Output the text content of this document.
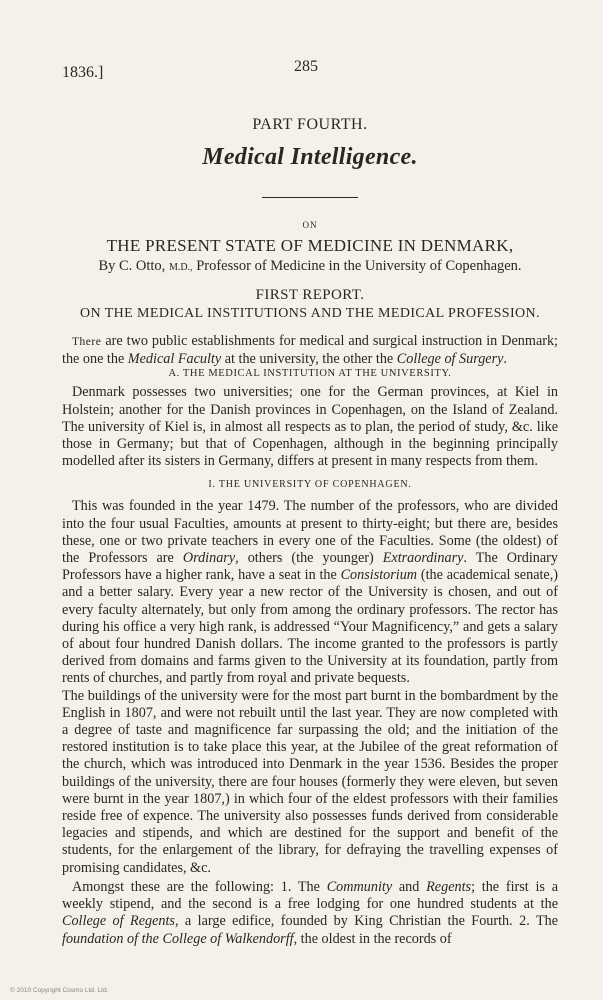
1836.]	285
PART FOURTH.
Medical Intelligence.
ON
THE PRESENT STATE OF MEDICINE IN DENMARK,
By C. Otto, M.D., Professor of Medicine in the University of Copenhagen.
FIRST REPORT.
ON THE MEDICAL INSTITUTIONS AND THE MEDICAL PROFESSION.

There are two public establishments for medical and surgical instruction in Denmark; the one the Medical Faculty at the university, the other the College of Surgery.

A. THE MEDICAL INSTITUTION AT THE UNIVERSITY.

Denmark possesses two universities; one for the German provinces, at Kiel in Holstein; another for the Danish provinces in Copenhagen, on the Island of Zealand. The university of Kiel is, in almost all respects as to plan, the period of study, &c. like those in Germany; but that of Copenhagen, although in the beginning principally modelled after its sisters in Germany, differs at present in many respects from them.

I. THE UNIVERSITY OF COPENHAGEN.

This was founded in the year 1479. The number of the professors, who are divided into the four usual Faculties, amounts at present to thirty-eight; but there are, besides these, one or two private teachers in every one of the Faculties. Some (the oldest) of the Professors are Ordinary, others (the younger) Extraordinary. The Ordinary Professors have a higher rank, have a seat in the Consistorium (the academical senate,) and a better salary. Every year a new rector of the University is chosen, and out of every faculty alternately, but only from among the ordinary professors. The rector has during his office a very high rank, is addressed “Your Magnificency,” and gets a salary of about four hundred Danish dollars. The income granted to the professors is partly derived from domains and farms given to the University at its foundation, partly from rents of churches, and partly from royal and private bequests.

The buildings of the university were for the most part burnt in the bombardment by the English in 1807, and were not rebuilt until the last year. They are now completed with a degree of taste and magnificence far surpassing the old; and the initiation of the restored institution is to take place this year, at the Jubilee of the great reformation of the church, which was introduced into Denmark in the year 1536. Besides the proper buildings of the university, there are four houses (formerly they were eleven, but seven were burnt in the year 1807,) in which four of the eldest professors with their families reside free of expence. The university also possesses funds derived from considerable legacies and stipends, and which are destined for the support and benefit of the students, for the enlargement of the library, for defraying the travelling expenses of promising candidates, &c.

Amongst these are the following: 1. The Community and Regents; the first is a weekly stipend, and the second is a free lodging for one hundred students at the College of Regents, a large edifice, founded by King Christian the Fourth. 2. The foundation of the College of Walkendorff, the oldest in the records of

© 2010 Copyright Cosmo Ltd. Ltd.
